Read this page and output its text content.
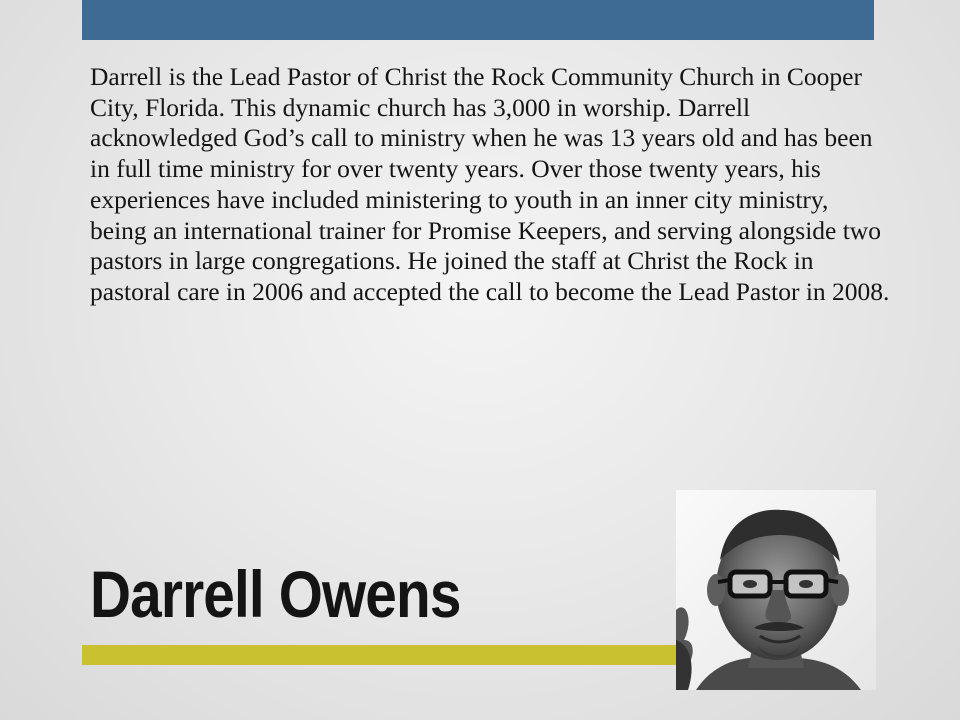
Darrell is the Lead Pastor of Christ the Rock Community Church in Cooper City, Florida. This dynamic church has 3,000 in worship. Darrell acknowledged God’s call to ministry when he was 13 years old and has been in full time ministry for over twenty years. Over those twenty years, his experiences have included ministering to youth in an inner city ministry, being an international trainer for Promise Keepers, and serving alongside two pastors in large congregations. He joined the staff at Christ the Rock in pastoral care in 2006 and accepted the call to become the Lead Pastor in 2008.

Darrell Owens
